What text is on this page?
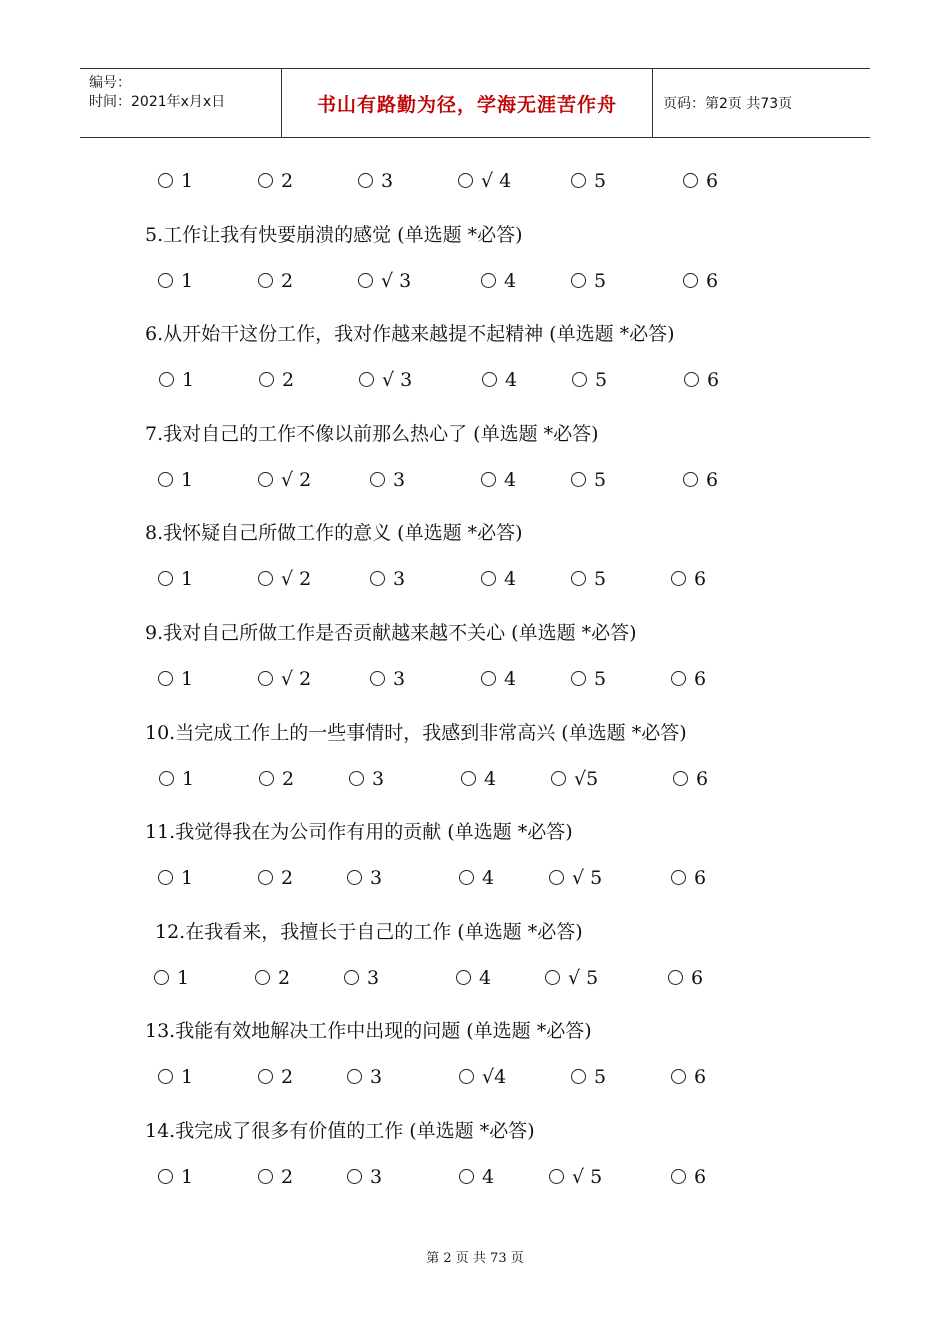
编号：
时间：2021年x月x日	书山有路勤为径，学海无涯苦作舟	页码：第2页 共73页
1	2	3	√ 4	5	6
5.工作让我有快要崩溃的感觉 (单选题 *必答)
1	2	√ 3	4	5	6
6.从开始干这份工作，我对作越来越提不起精神 (单选题 *必答)
1	2	√ 3	4	5	6
7.我对自己的工作不像以前那么热心了 (单选题 *必答)
1	√ 2	3	4	5	6
8.我怀疑自己所做工作的意义 (单选题 *必答)
1	√ 2	3	4	5	6
9.我对自己所做工作是否贡献越来越不关心 (单选题 *必答)
1	√ 2	3	4	5	6
10.当完成工作上的一些事情时，我感到非常高兴 (单选题 *必答)
1	2	3	4	√5	6
11.我觉得我在为公司作有用的贡献 (单选题 *必答)
1	2	3	4	√ 5	6
12.在我看来，我擅长于自己的工作 (单选题 *必答)
1	2	3	4	√ 5	6
13.我能有效地解决工作中出现的问题 (单选题 *必答)
1	2	3	√4	5	6
14.我完成了很多有价值的工作 (单选题 *必答)
1	2	3	4	√ 5	6
第 2 页 共 73 页
